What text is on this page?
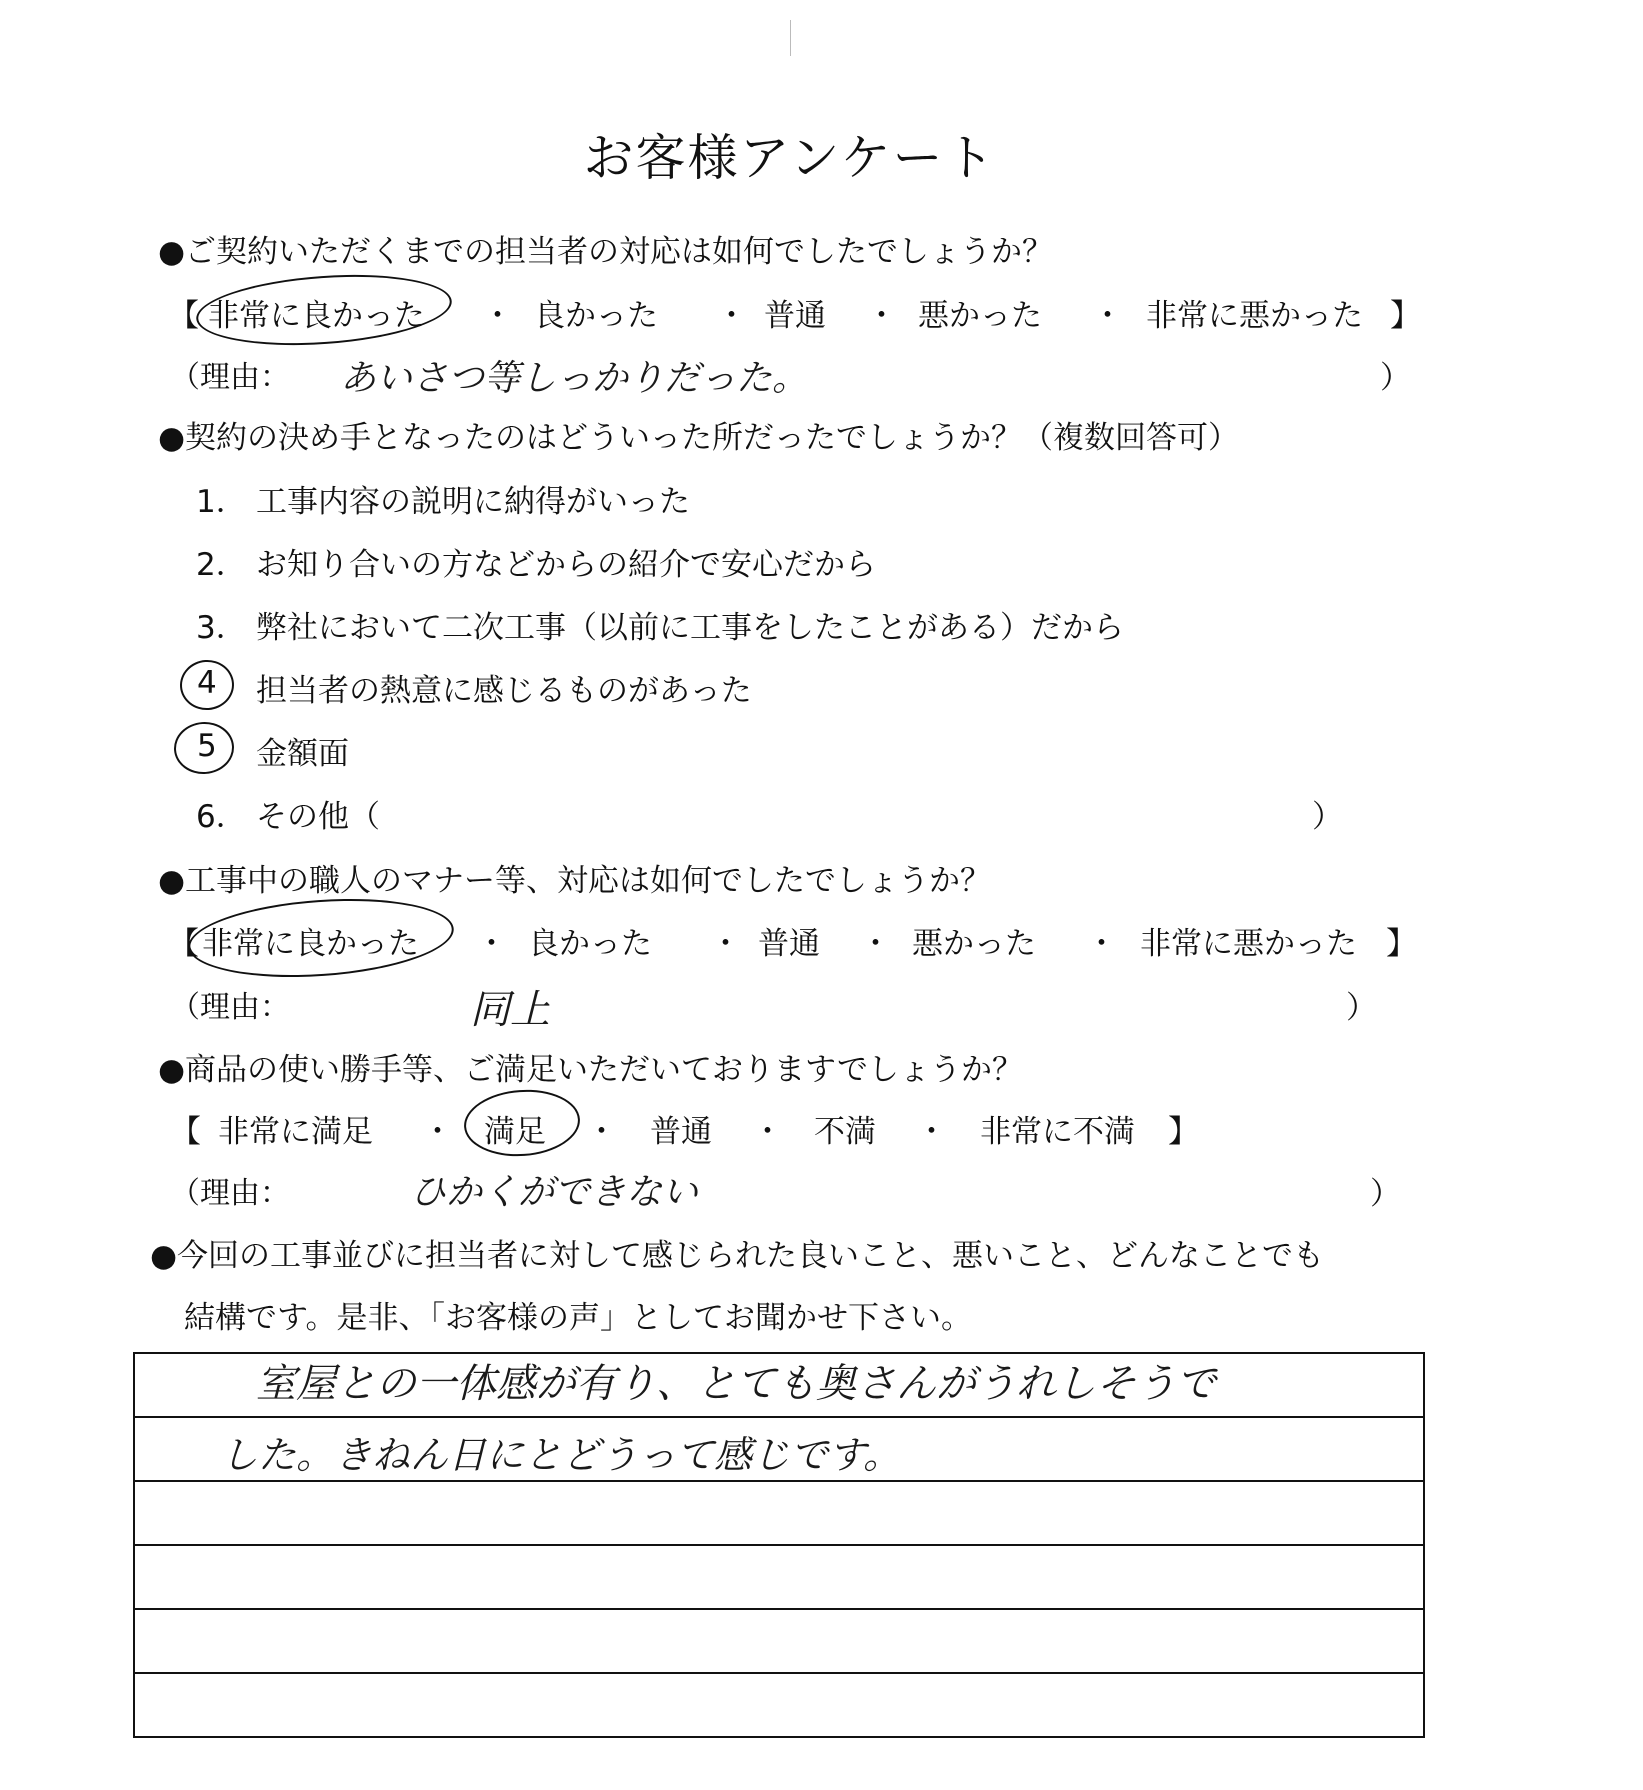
お客様アンケート
●ご契約いただくまでの担当者の対応は如何でしたでしょうか？
【 非常に良かった ・ 良かった ・ 普通 ・ 悪かった ・ 非常に悪かった 】
（理由： あいさつ等しっかりだった。	）
●契約の決め手となったのはどういった所だったでしょうか？（複数回答可）
1． 工事内容の説明に納得がいった
2． お知り合いの方などからの紹介で安心だから
3． 弊社において二次工事（以前に工事をしたことがある）だから
4 担当者の熱意に感じるものがあった
5 金額面
6． その他（	）
●工事中の職人のマナー等、対応は如何でしたでしょうか？
【 非常に良かった ・ 良かった ・ 普通 ・ 悪かった ・ 非常に悪かった 】
（理由：	同上	）
●商品の使い勝手等、ご満足いただいておりますでしょうか？
【 非常に満足 ・ 満足 ・ 普通 ・ 不満 ・ 非常に不満 】
（理由：	ひかくができない	）
●今回の工事並びに担当者に対して感じられた良いこと、悪いこと、どんなことでも
結構です。是非、「お客様の声」としてお聞かせ下さい。
室屋との一体感が有り、とても奥さんがうれしそうで
した。きねん日にとどうって感じです。
